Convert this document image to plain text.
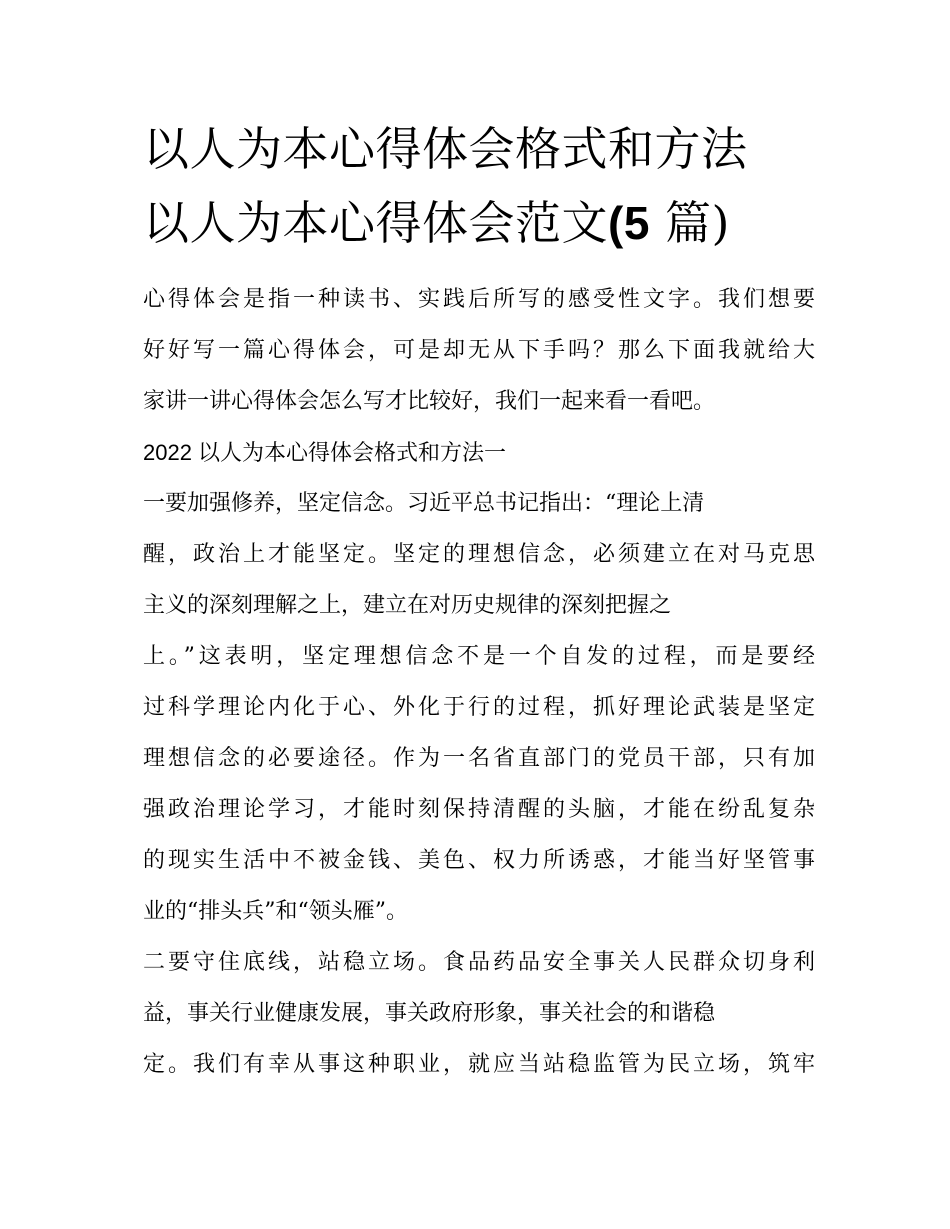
以人为本心得体会格式和方法
以人为本心得体会范文(5 篇)

心得体会是指一种读书、实践后所写的感受性文字。我们想要
好好写一篇心得体会，可是却无从下手吗？那么下面我就给大
家讲一讲心得体会怎么写才比较好，我们一起来看一看吧。

2022 以人为本心得体会格式和方法一

一要加强修养，坚定信念。习近平总书记指出：“理论上清
醒，政治上才能坚定。坚定的理想信念，必须建立在对马克思
主义的深刻理解之上，建立在对历史规律的深刻把握之
上。”这表明，坚定理想信念不是一个自发的过程，而是要经
过科学理论内化于心、外化于行的过程，抓好理论武装是坚定
理想信念的必要途径。作为一名省直部门的党员干部，只有加
强政治理论学习，才能时刻保持清醒的头脑，才能在纷乱复杂
的现实生活中不被金钱、美色、权力所诱惑，才能当好坚管事
业的“排头兵”和“领头雁”。

二要守住底线，站稳立场。食品药品安全事关人民群众切身利
益，事关行业健康发展，事关政府形象，事关社会的和谐稳
定。我们有幸从事这种职业，就应当站稳监管为民立场，筑牢
